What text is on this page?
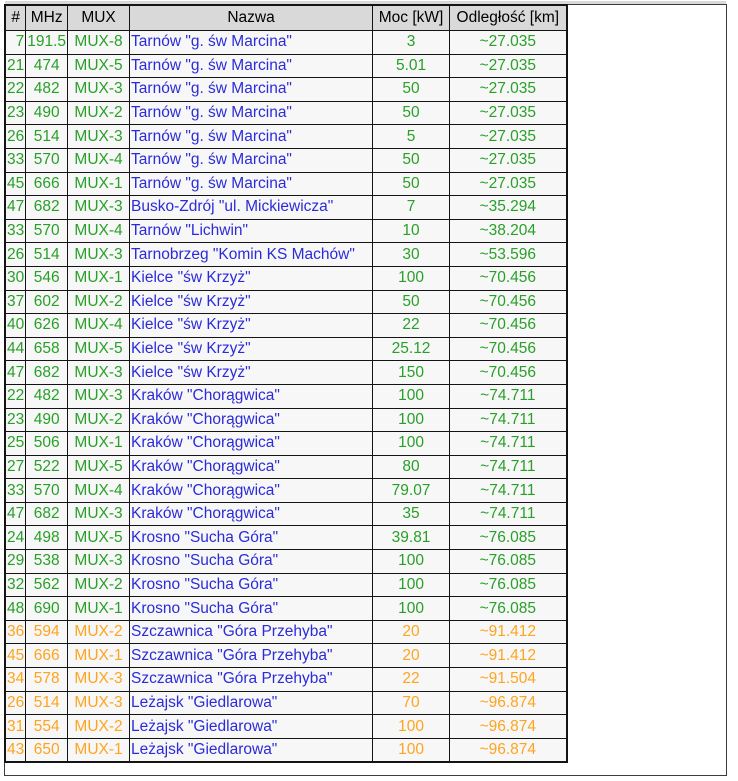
#	MHz	MUX	Nazwa	Moc [kW]	Odległość [km]
7	191.5	MUX-8	Tarnów "g. św Marcina"	3	~27.035
21	474	MUX-5	Tarnów "g. św Marcina"	5.01	~27.035
22	482	MUX-3	Tarnów "g. św Marcina"	50	~27.035
23	490	MUX-2	Tarnów "g. św Marcina"	50	~27.035
26	514	MUX-3	Tarnów "g. św Marcina"	5	~27.035
33	570	MUX-4	Tarnów "g. św Marcina"	50	~27.035
45	666	MUX-1	Tarnów "g. św Marcina"	50	~27.035
47	682	MUX-3	Busko-Zdrój "ul. Mickiewicza"	7	~35.294
33	570	MUX-4	Tarnów "Lichwin"	10	~38.204
26	514	MUX-3	Tarnobrzeg "Komin KS Machów"	30	~53.596
30	546	MUX-1	Kielce "św Krzyż"	100	~70.456
37	602	MUX-2	Kielce "św Krzyż"	50	~70.456
40	626	MUX-4	Kielce "św Krzyż"	22	~70.456
44	658	MUX-5	Kielce "św Krzyż"	25.12	~70.456
47	682	MUX-3	Kielce "św Krzyż"	150	~70.456
22	482	MUX-3	Kraków "Chorągwica"	100	~74.711
23	490	MUX-2	Kraków "Chorągwica"	100	~74.711
25	506	MUX-1	Kraków "Chorągwica"	100	~74.711
27	522	MUX-5	Kraków "Chorągwica"	80	~74.711
33	570	MUX-4	Kraków "Chorągwica"	79.07	~74.711
47	682	MUX-3	Kraków "Chorągwica"	35	~74.711
24	498	MUX-5	Krosno "Sucha Góra"	39.81	~76.085
29	538	MUX-3	Krosno "Sucha Góra"	100	~76.085
32	562	MUX-2	Krosno "Sucha Góra"	100	~76.085
48	690	MUX-1	Krosno "Sucha Góra"	100	~76.085
36	594	MUX-2	Szczawnica "Góra Przehyba"	20	~91.412
45	666	MUX-1	Szczawnica "Góra Przehyba"	20	~91.412
34	578	MUX-3	Szczawnica "Góra Przehyba"	22	~91.504
26	514	MUX-3	Leżajsk "Giedlarowa"	70	~96.874
31	554	MUX-2	Leżajsk "Giedlarowa"	100	~96.874
43	650	MUX-1	Leżajsk "Giedlarowa"	100	~96.874
